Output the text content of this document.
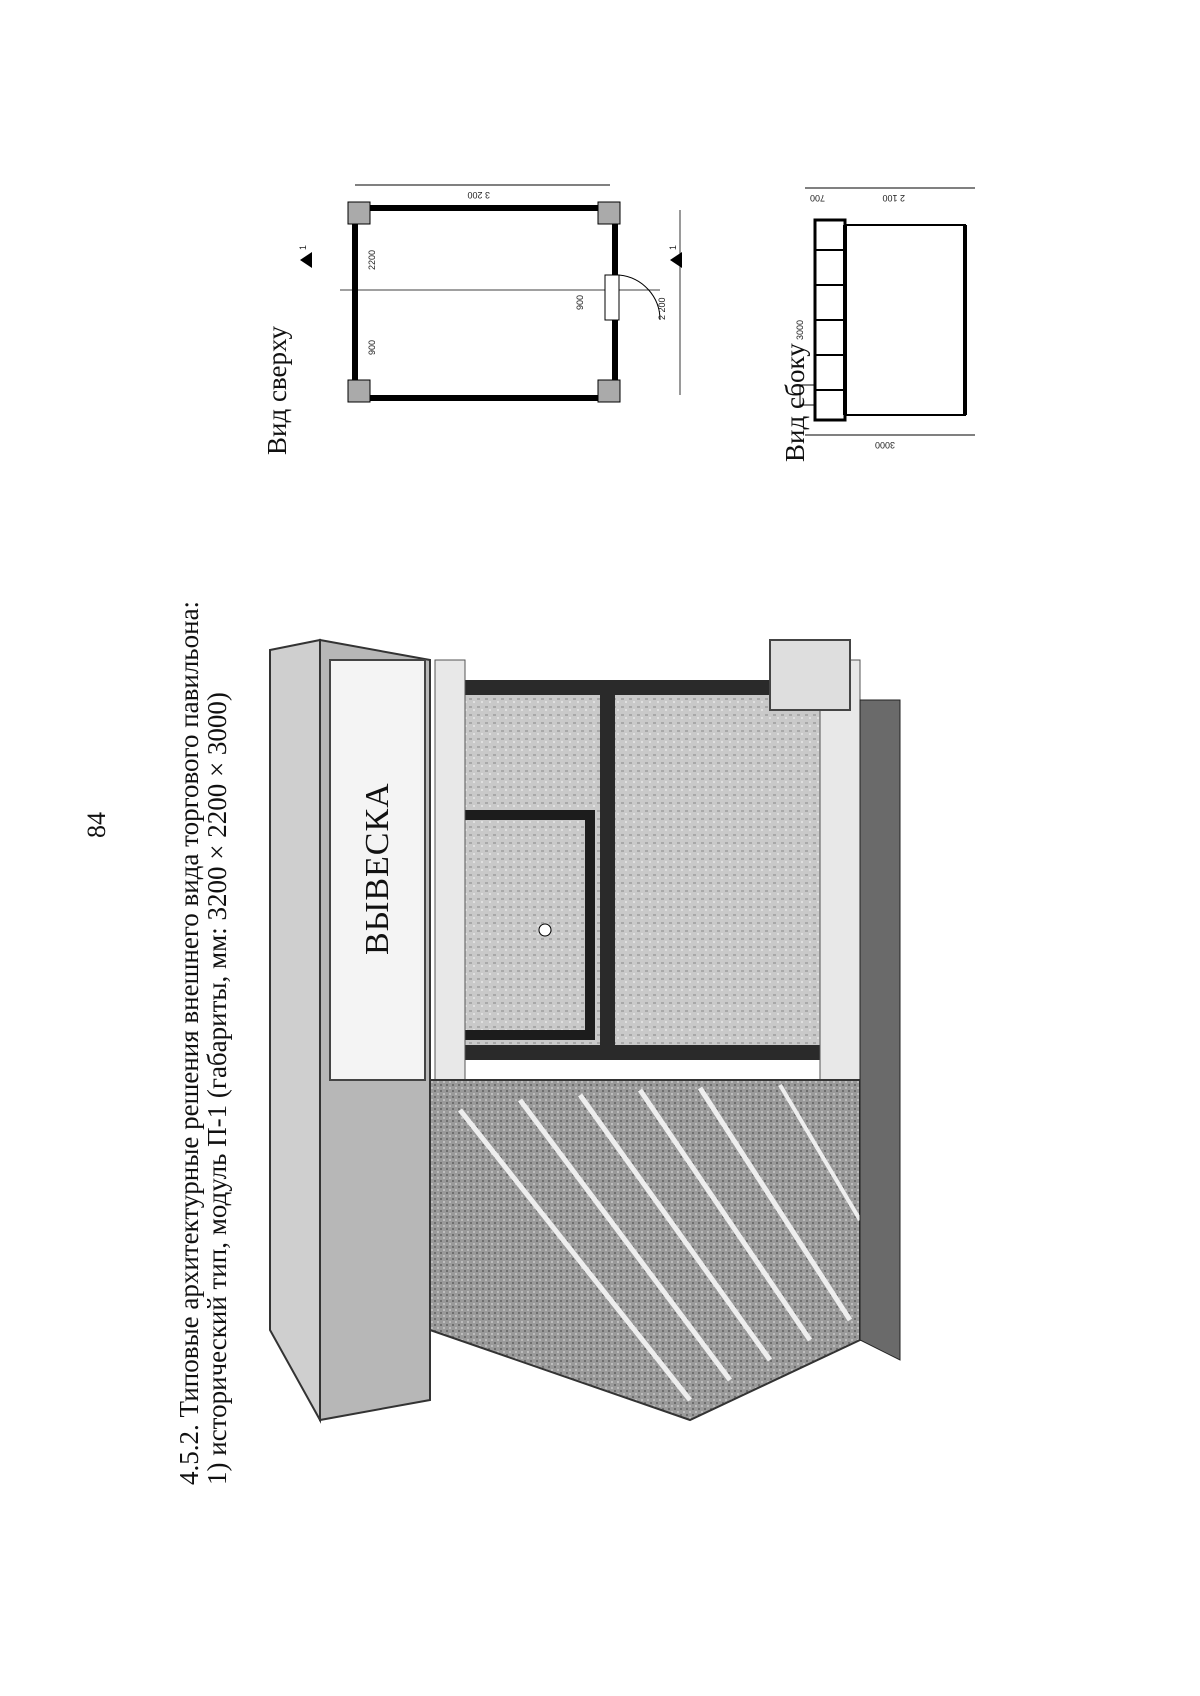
84 4.5.2. Типовые архитектурные решения внешнего вида торгового павильона:
1) исторический тип, модуль П-1 (габариты, мм: 3200 × 2200 × 3000)	ВЫВЕСКА
Вид сверху
3 200
900	2 200
900
2200
1	1
Вид сбоку
700	2 100
3000
3000
